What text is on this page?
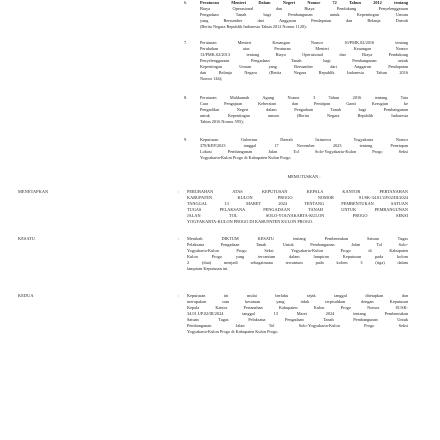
6.	Peraturan Menteri Dalam Negeri Nomor 72 Tahun 2012 tentang
Biaya Operasional dan Biaya Pendukung Penyelenggaraan
Pengadaan Tanah bagi Pembangunan untuk Kepentingan Umum
yang Bersumber dari Anggaran Pendapatan dan Belanja Daerah
(Berita Negara Republik Indonesia Tahun 2012 Nomor 1120);
7.	Peraturan Menteri Keuangan Nomor 10/PMK.02/2016 tentang
Perubahan atas Peraturan Menteri Keuangan Nomor
13/PMK.02/2013 tentang Biaya Operasional dan Biaya Pendukung
Penyelenggaraan Pengadaan Tanah bagi Pembangunan untuk
Kepentingan Umum yang Bersumber dari Anggaran Pendapatan
dan Belanja Negara (Berita Negara Republik Indonesia Tahun 2016
Nomor 144);
8.	Peraturan Mahkamah Agung Nomor 3 Tahun 2016 tentang Tata
Cara Pengajuan Keberatan dan Penitipan Ganti Kerugian ke
Pengadilan Negeri dalam Pengadaan Tanah bagi Pembangunan
untuk Kepentingan umum (Berita Negara Republik Indonesia
Tahun 2016 Nomor 595);
9.	Keputusan Gubernur Daerah Istimewa Yogyakarta Nomor
378/KEP/2023 tanggal 17 November 2023 tentang Penetapan
Lokasi Pembangunan Jalan Tol Solo-Yogyakarta-Kulon Progo Seksi
Yogyakarta-Kulon Progo di Kabupaten Kulon Progo.
MEMUTUSKAN :
MENETAPKAN	: PERUBAHAN ATAS KEPUTUSAN KEPALA KANTOR PERTANAHAN
KABUPATEN KULON PROGO NOMOR 81/SK-34.01.UP.02/III/2024
TANGGAL 13 MARET 2024 TENTANG PEMBENTUKAN SATUAN
TUGAS PELAKSANA PENGADAAN TANAH UNTUK PEMBANGUNAN
JALAN TOL SOLO-YOGYAKARTA-KULON PROGO SEKSI
YOGYAKARTA-KULON PROGO DI KABUPATEN KULON PROGO.
KESATU	: Merubah DIKTUM KESATU tentang Pembentukan Satuan Tugas
Pelaksana Pengadaan Tanah Untuk Pembangunan Jalan Tol Solo-
Yogyakarta-Kulon Progo Seksi Yogyakarta-Kulon Progo di Kabupaten
Kulon Progo yang tercantum dalam lampiran Keputusan pada kolom
2 (dua) menjadi sebagaimana tercantum pada kolom 3 (tiga) dalam
lampiran Keputusan ini.
KEDUA	: Keputusan ini mulai berlaku sejak tanggal ditetapkan dan
merupakan satu kesatuan yang tidak terpisahkan dengan Keputusan
Kepala Kantor Pertanahan Kabupaten Kulon Progo Nomor 81/SK-
34.01.UP.02/III/2024 tanggal 13 Maret 2024 tentang Pembentukan
Satuan Tugas Pelaksana Pengadaan Tanah Pembangunan Untuk
Pembangunan Jalan Tol Solo-Yogyakarta-Kulon Progo Seksi
Yogyakarta-Kulon Progo di Kabupaten Kulon Progo.
